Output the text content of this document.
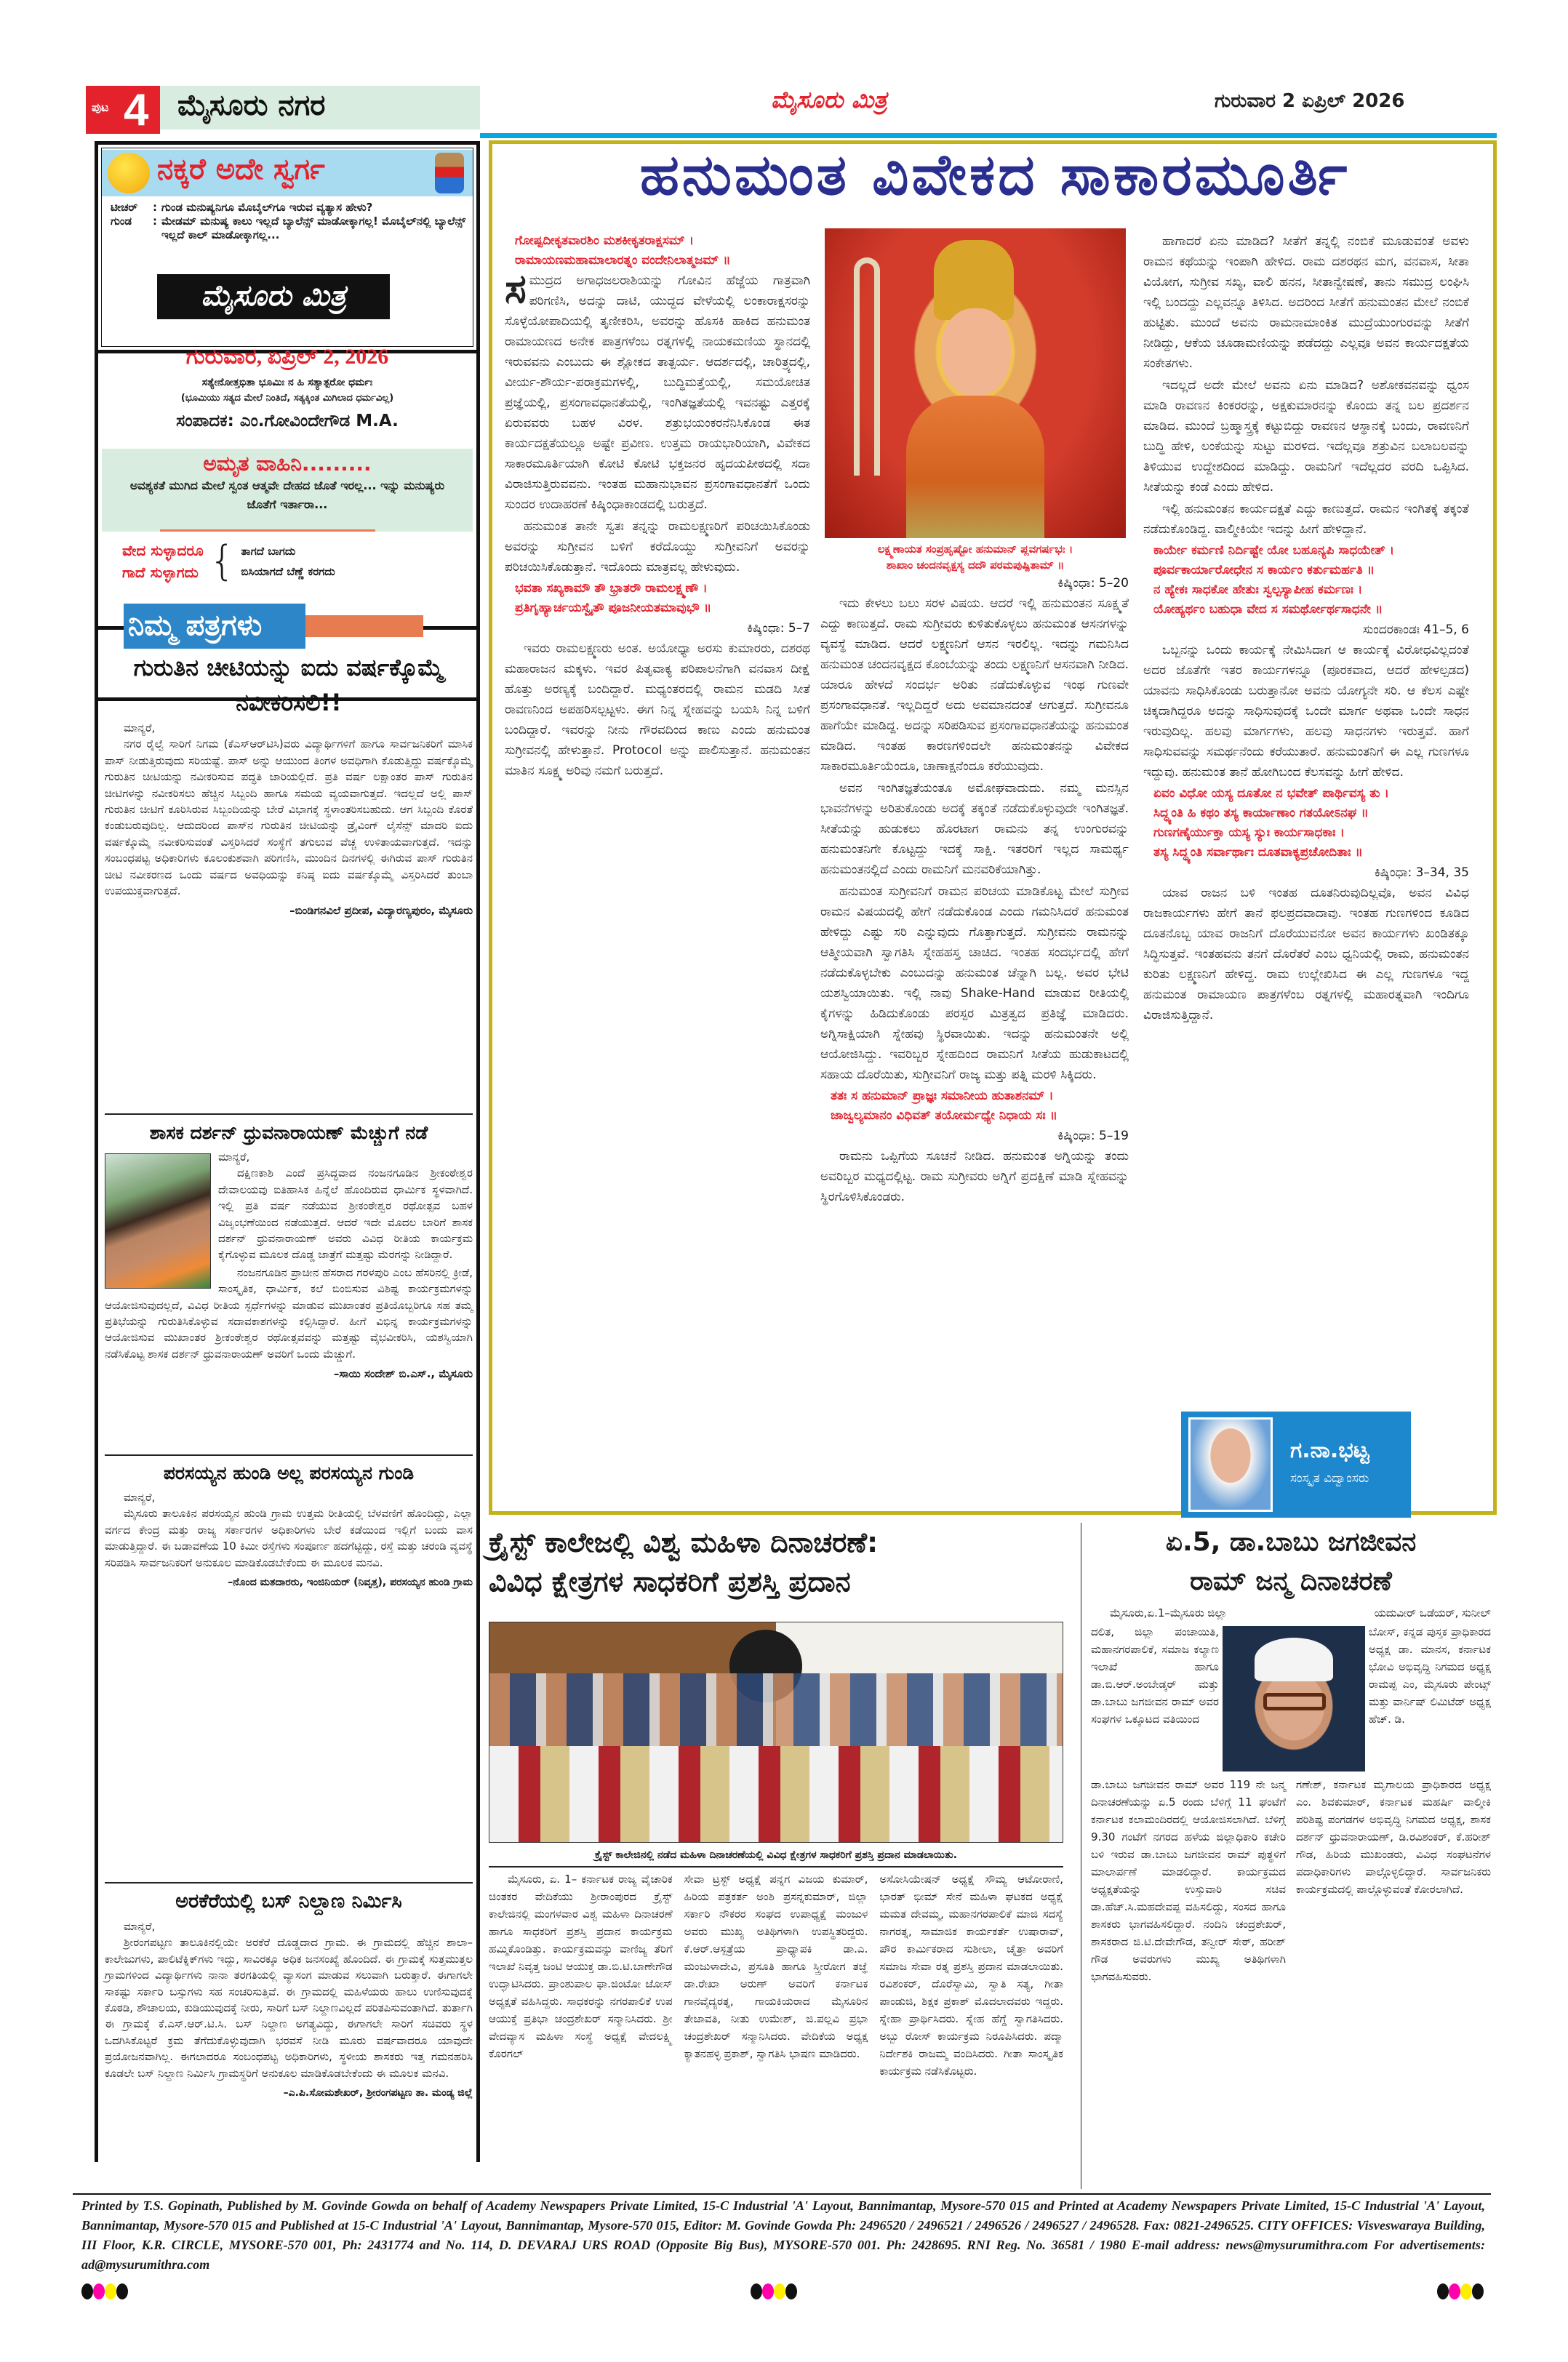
ಪುಟ 4 ಮೈಸೂರು ನಗರ	ಮೈಸೂರು ಮಿತ್ರ	ಗುರುವಾರ 2 ಏಪ್ರಿಲ್ 2026
ನಕ್ಕರೆ ಅದೇ ಸ್ವರ್ಗ
ಟೀಚರ್	: ಗುಂಡ ಮನುಷ್ಯನಿಗೂ ಮೊಬೈಲ್‌ಗೂ ಇರುವ ವ್ಯತ್ಯಾಸ ಹೇಳು?
ಗುಂಡ	: ಮೇಡಮ್ ಮನುಷ್ಯ ಕಾಲು ಇಲ್ಲದೆ ಬ್ಯಾಲೆನ್ಸ್ ಮಾಡೋಕ್ಕಾಗಲ್ಲ! ಮೊಬೈಲ್‌ನಲ್ಲಿ ಬ್ಯಾಲೆನ್ಸ್ ಇಲ್ಲದೆ ಕಾಲ್ ಮಾಡೋಕ್ಕಾಗಲ್ಲ...
ಮೈಸೂರು ಮಿತ್ರ
ಗುರುವಾರ, ಏಪ್ರಿಲ್ 2, 2026
ಸತ್ಯೇನೋತ್ತಭಿತಾ ಭೂಮಿಃ ನ ಹಿ ಸತ್ಯಾತ್ಪರೋ ಧರ್ಮಃ
(ಭೂಮಿಯು ಸತ್ಯದ ಮೇಲೆ ನಿಂತಿದೆ, ಸತ್ಯಕ್ಕಿಂತ ಮಿಗಿಲಾದ ಧರ್ಮವಿಲ್ಲ)
ಸಂಪಾದಕ: ಎಂ.ಗೋವಿಂದೇಗೌಡ M.A.
ಅಮೃತ ವಾಹಿನಿ.........
ಅವಶ್ಯಕತೆ ಮುಗಿದ ಮೇಲೆ ಸ್ವಂತ ಆತ್ಮವೇ ದೇಹದ ಜೊತೆ ಇರಲ್ಲ... ಇನ್ನು ಮನುಷ್ಯರು ಜೊತೆಗೆ ಇರ್ತಾರಾ...
ವೇದ ಸುಳ್ಳಾದರೂ
ಗಾದೆ ಸುಳ್ಳಾಗದು { ತಾಗದೆ ಬಾಗದು
ಬಿಸಿಯಾಗದೆ ಬೆಣ್ಣೆ ಕರಗದು
ನಿಮ್ಮ ಪತ್ರಗಳು
ಗುರುತಿನ ಚೀಟಿಯನ್ನು ಐದು ವರ್ಷಕ್ಕೊಮ್ಮೆ ನವೀಕರಿಸಲಿ!!
ಮಾನ್ಯರೆ,

ನಗರ ರೈಲ್ವೆ ಸಾರಿಗೆ ನಿಗಮ (ಕೆಎಸ್‌ಆರ್‌ಟಿಸಿ)ವರು ವಿದ್ಯಾರ್ಥಿಗಳಿಗೆ ಹಾಗೂ ಸಾರ್ವಜನಿಕರಿಗೆ ಮಾಸಿಕ ಪಾಸ್ ನೀಡುತ್ತಿರುವುದು ಸರಿಯಷ್ಟೆ. ಪಾಸ್ ಅನ್ನು ಆಯುಂದ ತಿಂಗಳ ಅವಧಿಗಾಗಿ ಕೊಡುತ್ತಿದ್ದು ವರ್ಷಕ್ಕೊಮ್ಮೆ ಗುರುತಿನ ಚೀಟಿಯನ್ನು ನವೀಕರಿಸುವ ಪದ್ಧತಿ ಜಾರಿಯಲ್ಲಿದೆ. ಪ್ರತಿ ವರ್ಷ ಲಕ್ಷಾಂತರ ಪಾಸ್ ಗುರುತಿನ ಚೀಟಿಗಳನ್ನು ನವೀಕರಿಸಲು ಹೆಚ್ಚಿನ ಸಿಬ್ಬಂದಿ ಹಾಗೂ ಸಮಯ ವ್ಯಯವಾಗುತ್ತದೆ. ಇದಲ್ಲದೆ ಅಲ್ಲಿ ಪಾಸ್ ಗುರುತಿನ ಚೀಟಿಗೆ ಕೂರಿಸಿರುವ ಸಿಬ್ಬಂದಿಯನ್ನು ಬೇರೆ ವಿಭಾಗಕ್ಕೆ ಸ್ಥಳಾಂತರಿಸಬಹುದು. ಆಗ ಸಿಬ್ಬಂದಿ ಕೊರತೆ ಕಂಡುಬರುವುದಿಲ್ಲ. ಆದುದರಿಂದ ಪಾಸ್‌ನ ಗುರುತಿನ ಚೀಟಿಯನ್ನು ಡ್ರೈವಿಂಗ್ ಲೈಸೆನ್ಸ್ ಮಾದರಿ ಐದು ವರ್ಷಕ್ಕೊಮ್ಮೆ ನವೀಕರಿಸುವಂತೆ ವಿಸ್ತರಿಸಿದರೆ ಸಂಸ್ಥೆಗೆ ತಗುಲುವ ವೆಚ್ಚ ಉಳಿತಾಯವಾಗುತ್ತದೆ. ಇದನ್ನು ಸಂಬಂಧಪಟ್ಟ ಅಧಿಕಾರಿಗಳು ಕೂಲಂಕುಶವಾಗಿ ಪರಿಗಣಿಸಿ, ಮುಂದಿನ ದಿನಗಳಲ್ಲಿ ಈಗಿರುವ ಪಾಸ್ ಗುರುತಿನ ಚೀಟಿ ನವೀಕರಣದ ಒಂದು ವರ್ಷದ ಅವಧಿಯನ್ನು ಕನಿಷ್ಠ ಐದು ವರ್ಷಕ್ಕೊಮ್ಮೆ ವಿಸ್ತರಿಸಿದರೆ ತುಂಬಾ ಉಪಯುಕ್ತವಾಗುತ್ತದೆ.

–ಬಿಂಡಿಗನವಿಲೆ ಪ್ರದೀಪ, ವಿದ್ಯಾರಣ್ಯಪುರಂ, ಮೈಸೂರು
ಶಾಸಕ ದರ್ಶನ್ ಧ್ರುವನಾರಾಯಣ್ ಮೆಚ್ಚುಗೆ ನಡೆ
ಮಾನ್ಯರೆ,

ದಕ್ಷಿಣಕಾಶಿ ಎಂದೆ ಪ್ರಸಿದ್ಧವಾದ ನಂಜನಗೂಡಿನ ಶ್ರೀಕಂಠೇಶ್ವರ ದೇವಾಲಯವು ಐತಿಹಾಸಿಕ ಹಿನ್ನೆಲೆ ಹೊಂದಿರುವ ಧಾರ್ಮಿಕ ಸ್ಥಳವಾಗಿದೆ. ಇಲ್ಲಿ ಪ್ರತಿ ವರ್ಷ ನಡೆಯುವ ಶ್ರೀಕಂಠೇಶ್ವರ ರಥೋತ್ಸವ ಬಹಳ ವಿಜೃಂಭಣೆಯಿಂದ ನಡೆಯುತ್ತದೆ. ಆದರೆ ಇದೇ ಮೊದಲ ಬಾರಿಗೆ ಶಾಸಕ ದರ್ಶನ್ ಧ್ರುವನಾರಾಯಣ್ ಅವರು ವಿವಿಧ ರೀತಿಯ ಕಾರ್ಯಕ್ರಮ ಕೈಗೊಳ್ಳುವ ಮೂಲಕ ದೊಡ್ಡ ಜಾತ್ರೆಗೆ ಮತ್ತಷ್ಟು ಮೆರಗನ್ನು ನೀಡಿದ್ದಾರೆ.

ನಂಜನಗೂಡಿನ ಪ್ರಾಚೀನ ಹೆಸರಾದ ಗರಳಪುರಿ ಎಂಬ ಹೆಸರಿನಲ್ಲಿ ಕ್ರೀಡೆ, ಸಾಂಸ್ಕೃತಿಕ, ಧಾರ್ಮಿಕ, ಕಲೆ ಬಿಂಬಿಸುವ ವಿಶಿಷ್ಟ ಕಾರ್ಯಕ್ರಮಗಳನ್ನು ಆಯೋಜಿಸುವುದಲ್ಲದೆ, ವಿವಿಧ ರೀತಿಯ ಸ್ಪರ್ಧೆಗಳನ್ನು ಮಾಡುವ ಮುಖಾಂತರ ಪ್ರತಿಯೊಬ್ಬರಿಗೂ ಸಹ ತಮ್ಮ ಪ್ರತಿಭೆಯನ್ನು ಗುರುತಿಸಿಕೊಳ್ಳುವ ಸದಾವಕಾಶಗಳನ್ನು ಕಲ್ಪಿಸಿದ್ದಾರೆ. ಹೀಗೆ ವಿಭಿನ್ನ ಕಾರ್ಯಕ್ರಮಗಳನ್ನು ಆಯೋಜಿಸುವ ಮುಖಾಂತರ ಶ್ರೀಕಂಠೇಶ್ವರ ರಥೋತ್ಸವವನ್ನು ಮತ್ತಷ್ಟು ವೈಭವೀಕರಿಸಿ, ಯಶಸ್ವಿಯಾಗಿ ನಡೆಸಿಕೊಟ್ಟ ಶಾಸಕ ದರ್ಶನ್ ಧ್ರುವನಾರಾಯಣ್ ಅವರಿಗೆ ಒಂದು ಮೆಚ್ಚುಗೆ.

–ಸಾಯಿ ಸಂದೇಶ್ ಬಿ.ಎಸ್., ಮೈಸೂರು
ಪರಸಯ್ಯನ ಹುಂಡಿ ಅಲ್ಲ ಪರಸಯ್ಯನ ಗುಂಡಿ
ಮಾನ್ಯರೆ,

ಮೈಸೂರು ತಾಲೂಕಿನ ಪರಸಯ್ಯನ ಹುಂಡಿ ಗ್ರಾಮ ಉತ್ತಮ ರೀತಿಯಲ್ಲಿ ಬೆಳವಣಿಗೆ ಹೊಂದಿದ್ದು, ಎಲ್ಲಾ ವರ್ಗದ ಕೇಂದ್ರ ಮತ್ತು ರಾಜ್ಯ ಸರ್ಕಾರಗಳ ಅಧಿಕಾರಿಗಳು ಬೇರೆ ಕಡೆಯಿಂದ ಇಲ್ಲಿಗೆ ಬಂದು ವಾಸ ಮಾಡುತ್ತಿದ್ದಾರೆ. ಈ ಬಡಾವಣೆಯ 10 ಕಿಮೀ ರಸ್ತೆಗಳು ಸಂಪೂರ್ಣ ಹದಗೆಟ್ಟಿದ್ದು, ರಸ್ತೆ ಮತ್ತು ಚರಂಡಿ ವ್ಯವಸ್ಥೆ ಸರಿಪಡಿಸಿ ಸಾರ್ವಜನಿಕರಿಗೆ ಅನುಕೂಲ ಮಾಡಿಕೊಡಬೇಕೆಂದು ಈ ಮೂಲಕ ಮನವಿ.

–ನೊಂದ ಮತದಾರರು, ಇಂಜಿನಿಯರ್ (ನಿವೃತ್ತ), ಪರಸಯ್ಯನ ಹುಂಡಿ ಗ್ರಾಮ
ಅರಕೆರೆಯಲ್ಲಿ ಬಸ್ ನಿಲ್ದಾಣ ನಿರ್ಮಿಸಿ
ಮಾನ್ಯರೆ,

ಶ್ರೀರಂಗಪಟ್ಟಣ ತಾಲೂಕಿನಲ್ಲಿಯೇ ಅರಕೆರೆ ದೊಡ್ಡದಾದ ಗ್ರಾಮ. ಈ ಗ್ರಾಮದಲ್ಲಿ ಹೆಚ್ಚಿನ ಶಾಲಾ– ಕಾಲೇಜುಗಳು, ಪಾಲಿಟೆಕ್ನಿಕ್‌ಗಳು ಇದ್ದು, ಸಾವಿರಕ್ಕೂ ಅಧಿಕ ಜನಸಂಖ್ಯೆ ಹೊಂದಿದೆ. ಈ ಗ್ರಾಮಕ್ಕೆ ಸುತ್ತಮುತ್ತಲ ಗ್ರಾಮಗಳಿಂದ ವಿದ್ಯಾರ್ಥಿಗಳು ನಾನಾ ತರಗತಿಯಲ್ಲಿ ವ್ಯಾಸಂಗ ಮಾಡುವ ಸಲುವಾಗಿ ಬರುತ್ತಾರೆ. ಈಗಾಗಲೇ ಸಾಕಷ್ಟು ಸರ್ಕಾರಿ ಬಸ್ಸುಗಳು ಸಹ ಸಂಚರಿಸುತ್ತಿವೆ. ಈ ಗ್ರಾಮದಲ್ಲಿ ಮಹಿಳೆಯರು ಹಾಲು ಉಣಿಸುವುದಕ್ಕೆ ಕೊಠಡಿ, ಶೌಚಾಲಯ, ಕುಡಿಯುವುದಕ್ಕೆ ನೀರು, ಸಾರಿಗೆ ಬಸ್ ನಿಲ್ದಾಣವಿಲ್ಲದೆ ಪರಿತಪಿಸುವಂತಾಗಿದೆ. ತುರ್ತಾಗಿ ಈ ಗ್ರಾಮಕ್ಕೆ ಕೆ.ಎಸ್.ಆರ್.ಟಿ.ಸಿ. ಬಸ್ ನಿಲ್ದಾಣ ಅಗತ್ಯವಿದ್ದು, ಈಗಾಗಲೇ ಸಾರಿಗೆ ಸಚಿವರು ಸ್ಥಳ ಒದಗಿಸಿಕೊಟ್ಟರೆ ಕ್ರಮ ತೆಗೆದುಕೊಳ್ಳುವುದಾಗಿ ಭರವಸೆ ನೀಡಿ ಮೂರು ವರ್ಷವಾದರೂ ಯಾವುದೇ ಪ್ರಯೋಜನವಾಗಿಲ್ಲ. ಈಗಲಾದರೂ ಸಂಬಂಧಪಟ್ಟ ಅಧಿಕಾರಿಗಳು, ಸ್ಥಳೀಯ ಶಾಸಕರು ಇತ್ತ ಗಮನಹರಿಸಿ ಕೂಡಲೇ ಬಸ್ ನಿಲ್ದಾಣ ನಿರ್ಮಿಸಿ ಗ್ರಾಮಸ್ಥರಿಗೆ ಅನುಕೂಲ ಮಾಡಿಕೊಡಬೇಕೆಂದು ಈ ಮೂಲಕ ಮನವಿ.

–ಎ.ಪಿ.ಸೋಮಶೇಖರ್, ಶ್ರೀರಂಗಪಟ್ಟಣ ತಾ. ಮಂಡ್ಯ ಜಿಲ್ಲೆ
ಹನುಮಂತ ವಿವೇಕದ ಸಾಕಾರಮೂರ್ತಿ
ಗೋಷ್ಪದೀಕೃತವಾರಶಿಂ ಮಶಕೀಕೃತರಾಕ್ಷಸಮ್ ।
ರಾಮಾಯಣಮಹಾಮಾಲಾರತ್ನಂ ವಂದೇನಿಲಾತ್ಮಜಮ್ ॥
ಸ ಮುದ್ರದ ಅಗಾಧಜಲರಾಶಿಯನ್ನು ಗೋವಿನ ಹೆಜ್ಜೆಯ ಗಾತ್ರವಾಗಿ ಪರಿಗಣಿಸಿ, ಅದನ್ನು ದಾಟಿ, ಯುದ್ಧದ ವೇಳೆಯಲ್ಲಿ ಲಂಕಾರಾಕ್ಷಸರನ್ನು ಸೊಳ್ಳೆಯೋಪಾದಿಯಲ್ಲಿ ತೃಣೀಕರಿಸಿ, ಅವರನ್ನು ಹೊಸಕಿ ಹಾಕಿದ ಹನುಮಂತ ರಾಮಾಯಣದ ಅನೇಕ ಪಾತ್ರಗಳೆಂಬ ರತ್ನಗಳಲ್ಲಿ ನಾಯಕಮಣಿಯ ಸ್ಥಾನದಲ್ಲಿ ಇರುವವನು ಎಂಬುದು ಈ ಶ್ಲೋಕದ ತಾತ್ಪರ್ಯ. ಆದರ್ಶದಲ್ಲಿ, ಚಾರಿತ್ರ್ಯದಲ್ಲಿ, ವೀರ್ಯ-ಶೌರ್ಯ-ಪರಾಕ್ರಮಗಳಲ್ಲಿ, ಬುದ್ಧಿಮತ್ತೆಯಲ್ಲಿ, ಸಮಯೋಚಿತ ಪ್ರಜ್ಞೆಯಲ್ಲಿ, ಪ್ರಸಂಗಾವಧಾನತೆಯಲ್ಲಿ, ಇಂಗಿತಜ್ಞತೆಯಲ್ಲಿ ಇವನಷ್ಟು ಎತ್ತರಕ್ಕೆ ಏರುವವರು ಬಹಳ ವಿರಳ. ಶತ್ರುಭಯಂಕರನೆನಿಸಿಕೊಂಡ ಈತ ಕಾರ್ಯದಕ್ಷತೆಯಲ್ಲೂ ಅಷ್ಟೇ ಪ್ರವೀಣ. ಉತ್ತಮ ರಾಯಭಾರಿಯಾಗಿ, ವಿವೇಕದ ಸಾಕಾರಮೂರ್ತಿಯಾಗಿ ಕೋಟಿ ಕೋಟಿ ಭಕ್ತಜನರ ಹೃದಯಪೀಠದಲ್ಲಿ ಸದಾ ವಿರಾಜಿಸುತ್ತಿರುವವನು. ಇಂತಹ ಮಹಾನುಭಾವನ ಪ್ರಸಂಗಾವಧಾನತೆಗೆ ಒಂದು ಸುಂದರ ಉದಾಹರಣೆ ಕಿಷ್ಕಿಂಧಾಕಾಂಡದಲ್ಲಿ ಬರುತ್ತದೆ.

ಹನುಮಂತ ತಾನೇ ಸ್ವತಃ ತನ್ನನ್ನು ರಾಮಲಕ್ಷ್ಮಣರಿಗೆ ಪರಿಚಯಿಸಿಕೊಂಡು ಅವರನ್ನು ಸುಗ್ರೀವನ ಬಳಿಗೆ ಕರೆದೊಯ್ದು ಸುಗ್ರೀವನಿಗೆ ಅವರನ್ನು ಪರಿಚಯಿಸಿಕೊಡುತ್ತಾನೆ. ಇದೊಂದು ಮಾತ್ರವಲ್ಲ ಹೇಳುವುದು.

ಭವತಾ ಸಖ್ಯಕಾಮೌ ತೌ ಭ್ರಾತರೌ ರಾಮಲಕ್ಷ್ಮಣೌ ।
ಪ್ರತಿಗೃಹ್ಯಾರ್ಚಯಸ್ವೈತೌ ಪೂಜನೀಯತಮಾವುಭೌ ॥
ಕಿಷ್ಕಿಂಧಾ: 5–7

ಇವರು ರಾಮಲಕ್ಷ್ಮಣರು ಅಂತ. ಅಯೋಧ್ಯಾ ಅರಸು ಕುಮಾರರು, ದಶರಥ ಮಹಾರಾಜನ ಮಕ್ಕಳು. ಇವರ ಪಿತೃವಾಕ್ಯ ಪರಿಪಾಲನೆಗಾಗಿ ವನವಾಸ ದೀಕ್ಷೆ ಹೊತ್ತು ಅರಣ್ಯಕ್ಕೆ ಬಂದಿದ್ದಾರೆ. ಮಧ್ಯಂತರದಲ್ಲಿ ರಾಮನ ಮಡದಿ ಸೀತೆ ರಾವಣನಿಂದ ಅಪಹರಿಸಲ್ಪಟ್ಟಳು. ಈಗ ನಿನ್ನ ಸ್ನೇಹವನ್ನು ಬಯಸಿ ನಿನ್ನ ಬಳಿಗೆ ಬಂದಿದ್ದಾರೆ. ಇವರನ್ನು ನೀನು ಗೌರವದಿಂದ ಕಾಣು ಎಂದು ಹನುಮಂತ ಸುಗ್ರೀವನಲ್ಲಿ ಹೇಳುತ್ತಾನೆ. Protocol ಅನ್ನು ಪಾಲಿಸುತ್ತಾನೆ. ಹನುಮಂತನ ಮಾತಿನ ಸೂಕ್ಷ್ಮ ಅರಿವು ನಮಗೆ ಬರುತ್ತದೆ.

ಲಕ್ಷ್ಮಣಾಯತ ಸಂಪ್ರಹೃಷ್ಟೋ ಹನುಮಾನ್ ಪ್ಲವಗರ್ಷಭಃ ।
ಶಾಖಾಂ ಚಂದನವೃಕ್ಷಸ್ಯ ದದೌ ಪರಮಪುಷ್ಪಿತಾಮ್ ॥
ಕಿಷ್ಕಿಂಧಾ: 5–20

ಇದು ಕೇಳಲು ಬಲು ಸರಳ ವಿಷಯ. ಆದರೆ ಇಲ್ಲಿ ಹನುಮಂತನ ಸೂಕ್ಷ್ಮತೆ ಎದ್ದು ಕಾಣುತ್ತದೆ. ರಾಮ ಸುಗ್ರೀವರು ಕುಳಿತುಕೊಳ್ಳಲು ಹನುಮಂತ ಆಸನಗಳನ್ನು ವ್ಯವಸ್ಥೆ ಮಾಡಿದ. ಆದರೆ ಲಕ್ಷ್ಮಣನಿಗೆ ಆಸನ ಇರಲಿಲ್ಲ. ಇದನ್ನು ಗಮನಿಸಿದ ಹನುಮಂತ ಚಂದನವೃಕ್ಷದ ಕೊಂಬೆಯನ್ನು ತಂದು ಲಕ್ಷ್ಮಣನಿಗೆ ಆಸನವಾಗಿ ನೀಡಿದ. ಯಾರೂ ಹೇಳದೆ ಸಂದರ್ಭ ಅರಿತು ನಡೆದುಕೊಳ್ಳುವ ಇಂಥ ಗುಣವೇ ಪ್ರಸಂಗಾವಧಾನತೆ. ಇಲ್ಲದಿದ್ದರೆ ಅದು ಅವಮಾನದಂತೆ ಆಗುತ್ತದೆ. ಸುಗ್ರೀವನೂ ಹಾಗೆಯೇ ಮಾಡಿದ್ದ. ಅದನ್ನು ಸರಿಪಡಿಸುವ ಪ್ರಸಂಗಾವಧಾನತೆಯನ್ನು ಹನುಮಂತ ಮಾಡಿದ. ಇಂತಹ ಕಾರಣಗಳಿಂದಲೇ ಹನುಮಂತನನ್ನು ವಿವೇಕದ ಸಾಕಾರಮೂರ್ತಿಯೆಂದೂ, ಚಾಣಾಕ್ಷನೆಂದೂ ಕರೆಯುವುದು.

ಅವನ ಇಂಗಿತಜ್ಞತೆಯಂತೂ ಅಮೋಘವಾದುದು. ನಮ್ಮ ಮನಸ್ಸಿನ ಭಾವನೆಗಳನ್ನು ಅರಿತುಕೊಂಡು ಅದಕ್ಕೆ ತಕ್ಕಂತೆ ನಡೆದುಕೊಳ್ಳುವುದೇ ಇಂಗಿತಜ್ಞತೆ. ಸೀತೆಯನ್ನು ಹುಡುಕಲು ಹೊರಟಾಗ ರಾಮನು ತನ್ನ ಉಂಗುರವನ್ನು ಹನುಮಂತನಿಗೇ ಕೊಟ್ಟದ್ದು ಇದಕ್ಕೆ ಸಾಕ್ಷಿ. ಇತರರಿಗೆ ಇಲ್ಲದ ಸಾಮರ್ಥ್ಯ ಹನುಮಂತನಲ್ಲಿದೆ ಎಂದು ರಾಮನಿಗೆ ಮನವರಿಕೆಯಾಗಿತ್ತು.

ಹನುಮಂತ ಸುಗ್ರೀವನಿಗೆ ರಾಮನ ಪರಿಚಯ ಮಾಡಿಕೊಟ್ಟ ಮೇಲೆ ಸುಗ್ರೀವ ರಾಮನ ವಿಷಯದಲ್ಲಿ ಹೇಗೆ ನಡೆದುಕೊಂಡ ಎಂದು ಗಮನಿಸಿದರೆ ಹನುಮಂತ ಹೇಳಿದ್ದು ಎಷ್ಟು ಸರಿ ಎನ್ನುವುದು ಗೊತ್ತಾಗುತ್ತದೆ. ಸುಗ್ರೀವನು ರಾಮನನ್ನು ಆತ್ಮೀಯವಾಗಿ ಸ್ವಾಗತಿಸಿ ಸ್ನೇಹಹಸ್ತ ಚಾಚಿದ. ಇಂತಹ ಸಂದರ್ಭದಲ್ಲಿ ಹೇಗೆ ನಡೆದುಕೊಳ್ಳಬೇಕು ಎಂಬುದನ್ನು ಹನುಮಂತ ಚೆನ್ನಾಗಿ ಬಲ್ಲ. ಅವರ ಭೇಟಿ ಯಶಸ್ವಿಯಾಯಿತು. ಇಲ್ಲಿ ನಾವು Shake-Hand ಮಾಡುವ ರೀತಿಯಲ್ಲಿ ಕೈಗಳನ್ನು ಹಿಡಿದುಕೊಂಡು ಪರಸ್ಪರ ಮಿತ್ರತ್ವದ ಪ್ರತಿಜ್ಞೆ ಮಾಡಿದರು. ಅಗ್ನಿಸಾಕ್ಷಿಯಾಗಿ ಸ್ನೇಹವು ಸ್ಥಿರವಾಯಿತು. ಇದನ್ನು ಹನುಮಂತನೇ ಅಲ್ಲಿ ಆಯೋಜಿಸಿದ್ದು. ಇವರಿಬ್ಬರ ಸ್ನೇಹದಿಂದ ರಾಮನಿಗೆ ಸೀತೆಯ ಹುಡುಕಾಟದಲ್ಲಿ ಸಹಾಯ ದೊರೆಯಿತು, ಸುಗ್ರೀವನಿಗೆ ರಾಜ್ಯ ಮತ್ತು ಪತ್ನಿ ಮರಳಿ ಸಿಕ್ಕಿದರು.

ತತಃ ಸ ಹನುಮಾನ್ ಪ್ರಾಜ್ಞಃ ಸಮಾನೀಯ ಹುತಾಶನಮ್ ।
ಜಾಜ್ವಲ್ಯಮಾನಂ ವಿಧಿವತ್ ತಯೋರ್ಮಧ್ಯೇ ನಿಧಾಯ ಸಃ ॥
ಕಿಷ್ಕಿಂಧಾ: 5–19

ರಾಮನು ಒಪ್ಪಿಗೆಯ ಸೂಚನೆ ನೀಡಿದ. ಹನುಮಂತ ಅಗ್ನಿಯನ್ನು ತಂದು ಅವರಿಬ್ಬರ ಮಧ್ಯದಲ್ಲಿಟ್ಟ. ರಾಮ ಸುಗ್ರೀವರು ಅಗ್ನಿಗೆ ಪ್ರದಕ್ಷಿಣೆ ಮಾಡಿ ಸ್ನೇಹವನ್ನು ಸ್ಥಿರಗೊಳಿಸಿಕೊಂಡರು.

ಹಾಗಾದರೆ ಏನು ಮಾಡಿದ? ಸೀತೆಗೆ ತನ್ನಲ್ಲಿ ನಂಬಿಕೆ ಮೂಡುವಂತೆ ಅವಳು ರಾಮನ ಕಥೆಯನ್ನು ಇಂಪಾಗಿ ಹೇಳಿದ. ರಾಮ ದಶರಥನ ಮಗ, ವನವಾಸ, ಸೀತಾ ವಿಯೋಗ, ಸುಗ್ರೀವ ಸಖ್ಯ, ವಾಲಿ ಹನನ, ಸೀತಾನ್ವೇಷಣೆ, ತಾನು ಸಮುದ್ರ ಲಂಘಿಸಿ ಇಲ್ಲಿ ಬಂದದ್ದು ಎಲ್ಲವನ್ನೂ ತಿಳಿಸಿದ. ಅದರಿಂದ ಸೀತೆಗೆ ಹನುಮಂತನ ಮೇಲೆ ನಂಬಿಕೆ ಹುಟ್ಟಿತು. ಮುಂದೆ ಅವನು ರಾಮನಾಮಾಂಕಿತ ಮುದ್ರೆಯುಂಗುರವನ್ನು ಸೀತೆಗೆ ನೀಡಿದ್ದು, ಆಕೆಯ ಚೂಡಾಮಣಿಯನ್ನು ಪಡೆದದ್ದು ಎಲ್ಲವೂ ಅವನ ಕಾರ್ಯದಕ್ಷತೆಯ ಸಂಕೇತಗಳು.

ಇದಲ್ಲದೆ ಅದೇ ಮೇಲೆ ಅವನು ಏನು ಮಾಡಿದ? ಅಶೋಕವನವನ್ನು ಧ್ವಂಸ ಮಾಡಿ ರಾವಣನ ಕಿಂಕರರನ್ನು, ಅಕ್ಷಕುಮಾರನನ್ನು ಕೊಂದು ತನ್ನ ಬಲ ಪ್ರದರ್ಶನ ಮಾಡಿದ. ಮುಂದೆ ಬ್ರಹ್ಮಾಸ್ತ್ರಕ್ಕೆ ಕಟ್ಟುಬಿದ್ದು ರಾವಣನ ಆಸ್ಥಾನಕ್ಕೆ ಬಂದು, ರಾವಣನಿಗೆ ಬುದ್ಧಿ ಹೇಳಿ, ಲಂಕೆಯನ್ನು ಸುಟ್ಟು ಮರಳಿದ. ಇದೆಲ್ಲವೂ ಶತ್ರುವಿನ ಬಲಾಬಲವನ್ನು ತಿಳಿಯುವ ಉದ್ದೇಶದಿಂದ ಮಾಡಿದ್ದು. ರಾಮನಿಗೆ ಇದೆಲ್ಲದರ ವರದಿ ಒಪ್ಪಿಸಿದ. ಸೀತೆಯನ್ನು ಕಂಡೆ ಎಂದು ಹೇಳಿದ.

ಇಲ್ಲಿ ಹನುಮಂತನ ಕಾರ್ಯದಕ್ಷತೆ ಎದ್ದು ಕಾಣುತ್ತದೆ. ರಾಮನ ಇಂಗಿತಕ್ಕೆ ತಕ್ಕಂತೆ ನಡೆದುಕೊಂಡಿದ್ದ. ವಾಲ್ಮೀಕಿಯೇ ಇದನ್ನು ಹೀಗೆ ಹೇಳಿದ್ದಾನೆ.

ಕಾರ್ಯೇ ಕರ್ಮಣಿ ನಿರ್ದಿಷ್ಟೇ ಯೋ ಬಹೂನ್ಯಪಿ ಸಾಧಯೇತ್ ।
ಪೂರ್ವಕಾರ್ಯಾರೋಧೇನ ಸ ಕಾರ್ಯಂ ಕರ್ತುಮರ್ಹತಿ ॥
ನ ಹ್ಯೇಕಃ ಸಾಧಕೋ ಹೇತುಃ ಸ್ವಲ್ಪಸ್ಯಾಪೀಹ ಕರ್ಮಣಃ ।
ಯೋಹ್ಯರ್ಥಂ ಬಹುಧಾ ವೇದ ಸ ಸಮರ್ಥೋರ್ಥಸಾಧನೇ ॥
ಸುಂದರಕಾಂಡಃ 41–5, 6

ಒಬ್ಬನನ್ನು ಒಂದು ಕಾರ್ಯಕ್ಕೆ ನೇಮಿಸಿದಾಗ ಆ ಕಾರ್ಯಕ್ಕೆ ವಿರೋಧವಿಲ್ಲದಂತೆ ಅದರ ಜೊತೆಗೇ ಇತರ ಕಾರ್ಯಗಳನ್ನೂ (ಪೂರಕವಾದ, ಆದರೆ ಹೇಳಲ್ಪಡದ) ಯಾವನು ಸಾಧಿಸಿಕೊಂಡು ಬರುತ್ತಾನೋ ಅವನು ಯೋಗ್ಯನೇ ಸರಿ. ಆ ಕೆಲಸ ಎಷ್ಟೇ ಚಿಕ್ಕದಾಗಿದ್ದರೂ ಅದನ್ನು ಸಾಧಿಸುವುದಕ್ಕೆ ಒಂದೇ ಮಾರ್ಗ ಅಥವಾ ಒಂದೇ ಸಾಧನ ಇರುವುದಿಲ್ಲ. ಹಲವು ಮಾರ್ಗಗಳು, ಹಲವು ಸಾಧನಗಳು ಇರುತ್ತವೆ. ಹಾಗೆ ಸಾಧಿಸುವವನ್ನು ಸಮರ್ಥನೆಂದು ಕರೆಯುತಾರೆ. ಹನುಮಂತನಿಗೆ ಈ ಎಲ್ಲ ಗುಣಗಳೂ ಇದ್ದುವು. ಹನುಮಂತ ತಾನೆ ಹೋಗಿಬಂದ ಕೆಲಸವನ್ನು ಹೀಗೆ ಹೇಳಿದ.

ಏವಂ ವಿಧೋ ಯಸ್ಯ ದೂತೋ ನ ಭವೇತ್ ಪಾರ್ಥಿವಸ್ಯ ತು ।
ಸಿದ್ಧ್ಯಂತಿ ಹಿ ಕಥಂ ತಸ್ಯ ಕಾರ್ಯಾಣಾಂ ಗತಯೋಽನಘ ॥
ಗುಣಗಣೈರ್ಯುಕ್ತಾ ಯಸ್ಯ ಸ್ಯುಃ ಕಾರ್ಯಸಾಧಕಾಃ ।
ತಸ್ಯ ಸಿದ್ಧ್ಯಂತಿ ಸರ್ವಾರ್ಥಾಃ ದೂತವಾಕ್ಯಪ್ರಚೋದಿತಾಃ ॥
ಕಿಷ್ಕಿಂಧಾ: 3–34, 35

ಯಾವ ರಾಜನ ಬಳಿ ಇಂತಹ ದೂತನಿರುವುದಿಲ್ಲವೊ, ಅವನ ವಿವಿಧ ರಾಜಕಾರ್ಯಗಳು ಹೇಗೆ ತಾನೆ ಫಲಪ್ರದವಾದಾವು. ಇಂತಹ ಗುಣಗಳಿಂದ ಕೂಡಿದ ದೂತನೊಬ್ಬ ಯಾವ ರಾಜನಿಗೆ ದೊರೆಯುವನೋ ಅವನ ಕಾರ್ಯಗಳು ಖಂಡಿತಕ್ಕೂ ಸಿದ್ಧಿಸುತ್ತವೆ. ಇಂತಹವನು ತನಗೆ ದೊರೆತರೆ ಎಂಬ ಧ್ವನಿಯಲ್ಲಿ ರಾಮ, ಹನುಮಂತನ ಕುರಿತು ಲಕ್ಷ್ಮಣನಿಗೆ ಹೇಳಿದ್ದ. ರಾಮ ಉಲ್ಲೇಖಿಸಿದ ಈ ಎಲ್ಲ ಗುಣಗಳೂ ಇದ್ದ ಹನುಮಂತ ರಾಮಾಯಣ ಪಾತ್ರಗಳೆಂಬ ರತ್ನಗಳಲ್ಲಿ ಮಹಾರತ್ನವಾಗಿ ಇಂದಿಗೂ ವಿರಾಜಿಸುತ್ತಿದ್ದಾನೆ.

ಗ.ನಾ.ಭಟ್ಟ
ಸಂಸ್ಕೃತ ವಿದ್ವಾಂಸರು
ಕ್ರೈಸ್ಟ್ ಕಾಲೇಜಲ್ಲಿ ವಿಶ್ವ ಮಹಿಳಾ ದಿನಾಚರಣೆ:
ವಿವಿಧ ಕ್ಷೇತ್ರಗಳ ಸಾಧಕರಿಗೆ ಪ್ರಶಸ್ತಿ ಪ್ರದಾನ
ಕ್ರೈಸ್ಟ್ ಕಾಲೇಜಿನಲ್ಲಿ ನಡೆದ ಮಹಿಳಾ ದಿನಾಚರಣೆಯಲ್ಲಿ ವಿವಿಧ ಕ್ಷೇತ್ರಗಳ ಸಾಧಕರಿಗೆ ಪ್ರಶಸ್ತಿ ಪ್ರದಾನ ಮಾಡಲಾಯಿತು.

ಮೈಸೂರು, ಏ. 1– ಕರ್ನಾಟಕ ರಾಜ್ಯ ವೈಚಾರಿಕ ಚಿಂತಕರ ವೇದಿಕೆಯು ಶ್ರೀರಾಂಪುರದ ಕ್ರೈಸ್ಟ್ ಕಾಲೇಜಿನಲ್ಲಿ ಮಂಗಳವಾರ ವಿಶ್ವ ಮಹಿಳಾ ದಿನಾಚರಣೆ ಹಾಗೂ ಸಾಧಕರಿಗೆ ಪ್ರಶಸ್ತಿ ಪ್ರದಾನ ಕಾರ್ಯಕ್ರಮ ಹಮ್ಮಿಕೊಂಡಿತ್ತು. ಕಾರ್ಯಕ್ರಮವನ್ನು ವಾಣಿಜ್ಯ ತೆರಿಗೆ ಇಲಾಖೆ ನಿವೃತ್ತ ಜಂಟಿ ಆಯುಕ್ತ ಡಾ.ಬಿ.ಟಿ.ಬಾಣೇಗೌಡ ಉದ್ಘಾಟಿಸಿದರು. ಪ್ರಾಂಶುಪಾಲ ಫಾ.ಜಿಂಟೋ ಜೋಸ್ ಅಧ್ಯಕ್ಷತೆ ವಹಿಸಿದ್ದರು. ಸಾಧಕರನ್ನು ನಗರಪಾಲಿಕೆ ಉಪ ಆಯುಕ್ತೆ ಪ್ರತಿಭಾ ಚಂದ್ರಶೇಖರ್ ಸನ್ಮಾನಿಸಿದರು. ಶ್ರೀ ವೇದವ್ಯಾಸ ಮಹಿಳಾ ಸಂಸ್ಥೆ ಅಧ್ಯಕ್ಷೆ ವೇದಲಕ್ಷ್ಮಿ ಕೊರಗಲ್

ಸೇವಾ ಟ್ರಸ್ಟ್ ಅಧ್ಯಕ್ಷೆ ಪನ್ನಗ ವಿಜಯ ಕುಮಾರ್, ಹಿರಿಯ ಪತ್ರಕರ್ತ ಅಂಶಿ ಪ್ರಸನ್ನಕುಮಾರ್, ಜಿಲ್ಲಾ ಸರ್ಕಾರಿ ನೌಕರರ ಸಂಘದ ಉಪಾಧ್ಯಕ್ಷೆ ಮಂಜುಳ ಅವರು ಮುಖ್ಯ ಅತಿಥಿಗಳಾಗಿ ಉಪಸ್ಥಿತರಿದ್ದರು. ಕೆ.ಆರ್.ಆಸ್ಪತ್ರೆಯ ಪ್ರಾಧ್ಯಾಪಕಿ ಡಾ.ಎ. ಮಂಜುಳಾದೇವಿ, ಪ್ರಸೂತಿ ಹಾಗೂ ಸ್ತ್ರೀರೋಗ ತಜ್ಞೆ ಡಾ.ರೇಖಾ ಅರುಣ್ ಅವರಿಗೆ ಕರ್ನಾಟಕ ಗಾನವೈದ್ಯರತ್ನ, ಗಾಯಕಿಯರಾದ ಮೈಸೂರಿನ ತೇಜಾವತಿ, ನೀತು ಉಮೇಶ್, ಜಿ.ಪಲ್ಲವಿ ಪ್ರಭಾ ಚಂದ್ರಶೇಖರ್ ಸನ್ಮಾನಿಸಿದರು. ವೇದಿಕೆಯ ಅಧ್ಯಕ್ಷ ಕ್ಯಾತನಹಳ್ಳಿ ಪ್ರಕಾಶ್, ಸ್ವಾಗತಿಸಿ ಭಾಷಣ ಮಾಡಿದರು.

ಅಸೋಸಿಯೇಷನ್ ಅಧ್ಯಕ್ಷೆ ಸೌಮ್ಯ ಆಟೋರಾಣಿ, ಭಾರತ್ ಭೀಮ್ ಸೇನೆ ಮಹಿಳಾ ಘಟಕದ ಅಧ್ಯಕ್ಷೆ ಮಮತ ದೇವಮ್ಮ, ಮಹಾನಗರಪಾಲಿಕೆ ಮಾಜಿ ಸದಸ್ಯೆ ನಾಗರತ್ನ, ಸಾಮಾಜಿಕ ಕಾರ್ಯಕರ್ತೆ ಉಷಾರಾವ್, ಪೌರ ಕಾರ್ಮಿಕರಾದ ಸುಶೀಲಾ, ಚೈತ್ರಾ ಅವರಿಗೆ ಸಮಾಜ ಸೇವಾ ರತ್ನ ಪ್ರಶಸ್ತಿ ಪ್ರದಾನ ಮಾಡಲಾಯಿತು. ರವಿಶಂಕರ್, ದೊರೆಸ್ವಾಮಿ, ಸ್ವಾತಿ ಸತ್ಯ, ಗೀತಾ ಪಾಂಡುಜಿ, ಶಿಕ್ಷಕ ಪ್ರಕಾಶ್ ಮೊದಲಾದವರು ಇದ್ದರು. ಸ್ನೇಹಾ ಪ್ರಾರ್ಥಿಸಿದರು. ಸ್ನೇಹ ಹೆಗ್ಡೆ ಸ್ವಾಗತಿಸಿದರು. ಅಬ್ಬು ರೋಸ್ ಕಾರ್ಯಕ್ರಮ ನಿರೂಪಿಸಿದರು. ಪದ್ಮಾ ನಿರ್ದೇಶಕಿ ರಾಜಮ್ಮ ವಂದಿಸಿದರು. ಗೀತಾ ಸಾಂಸ್ಕೃತಿಕ ಕಾರ್ಯಕ್ರಮ ನಡೆಸಿಕೊಟ್ಟರು.

ಏ.5, ಡಾ.ಬಾಬು ಜಗಜೀವನ
ರಾಮ್ ಜನ್ಮ ದಿನಾಚರಣೆ
ಮೈಸೂರು,ಏ.1–ಮೈಸೂರು ಜಿಲ್ಲಾ	ಯದುವೀರ್ ಒಡೆಯರ್, ಸುನೀಲ್

ದಲಿತ, ಜಿಲ್ಲಾ ಪಂಚಾಯಿತಿ, ಮಹಾನಗರಪಾಲಿಕೆ, ಸಮಾಜ ಕಲ್ಯಾಣ ಇಲಾಖೆ ಹಾಗೂ ಡಾ.ಬಿ.ಆರ್.ಅಂಬೇಡ್ಕರ್ ಮತ್ತು ಡಾ.ಬಾಬು ಜಗಜೀವನ ರಾಮ್ ಅವರ ಸಂಘಗಳ ಒಕ್ಕೂಟದ ವತಿಯಿಂದ

ಬೋಸ್, ಕನ್ನಡ ಪುಸ್ತಕ ಪ್ರಾಧಿಕಾರದ ಅಧ್ಯಕ್ಷ ಡಾ. ಮಾನಸ, ಕರ್ನಾಟಕ ಭೋವಿ ಅಭಿವೃದ್ಧಿ ನಿಗಮದ ಅಧ್ಯಕ್ಷ ರಾಮಪ್ಪ ಎಂ, ಮೈಸೂರು ಪೇಂಟ್ಸ್ ಮತ್ತು ವಾರ್ನಿಷ್ ಲಿಮಿಟೆಡ್ ಅಧ್ಯಕ್ಷ ಹೆಚ್. ಡಿ.

ಡಾ.ಬಾಬು ಜಗಜೀವನ ರಾಮ್ ಅವರ 119 ನೇ ಜನ್ಮ ದಿನಾಚರಣೆಯನ್ನು ಏ.5 ರಂದು ಬೆಳಿಗ್ಗೆ 11 ಘಂಟೆಗೆ ಕರ್ನಾಟಕ ಕಲಾಮಂದಿರದಲ್ಲಿ ಆಯೋಜಿಸಲಾಗಿದೆ. ಬೆಳಿಗ್ಗೆ 9.30 ಗಂಟೆಗೆ ನಗರದ ಹಳೆಯ ಜಿಲ್ಲಾಧಿಕಾರಿ ಕಚೇರಿ ಬಳಿ ಇರುವ ಡಾ.ಬಾಬು ಜಗಜೀವನ ರಾಮ್ ಪುತ್ಥಳಿಗೆ ಮಾಲಾರ್ಪಣೆ ಮಾಡಲಿದ್ದಾರೆ. ಕಾರ್ಯಕ್ರಮದ ಅಧ್ಯಕ್ಷತೆಯನ್ನು ಉಸ್ತುವಾರಿ ಸಚಿವ ಡಾ.ಹೆಚ್.ಸಿ.ಮಹದೇವಪ್ಪ ವಹಿಸಲಿದ್ದು, ಸಂಸದ ಹಾಗೂ ಶಾಸಕರು ಭಾಗವಹಿಸಲಿದ್ದಾರೆ. ನಂದಿನಿ ಚಂದ್ರಶೇಖರ್, ಶಾಸಕರಾದ ಜಿ.ಟಿ.ದೇವೇಗೌಡ, ತನ್ವೀರ್ ಸೇಠ್, ಹರೀಶ್ ಗೌಡ ಅವರುಗಳು ಮುಖ್ಯ ಅತಿಥಿಗಳಾಗಿ ಭಾಗವಹಿಸುವರು.

ಗಣೇಶ್, ಕರ್ನಾಟಕ ಮೃಗಾಲಯ ಪ್ರಾಧಿಕಾರದ ಅಧ್ಯಕ್ಷ ಎಂ. ಶಿವಕುಮಾರ್, ಕರ್ನಾಟಕ ಮಹರ್ಷಿ ವಾಲ್ಮೀಕಿ ಪರಿಶಿಷ್ಟ ಪಂಗಡಗಳ ಅಭಿವೃದ್ಧಿ ನಿಗಮದ ಅಧ್ಯಕ್ಷ, ಶಾಸಕ ದರ್ಶನ್ ಧ್ರುವನಾರಾಯಣ್, ಡಿ.ರವಿಶಂಕರ್, ಕೆ.ಹರೀಶ್ ಗೌಡ, ಹಿರಿಯ ಮುಖಂಡರು, ವಿವಿಧ ಸಂಘಟನೆಗಳ ಪದಾಧಿಕಾರಿಗಳು ಪಾಲ್ಗೊಳ್ಳಲಿದ್ದಾರೆ. ಸಾರ್ವಜನಿಕರು ಕಾರ್ಯಕ್ರಮದಲ್ಲಿ ಪಾಲ್ಗೊಳ್ಳುವಂತೆ ಕೋರಲಾಗಿದೆ.

Printed by T.S. Gopinath, Published by M. Govinde Gowda on behalf of Academy Newspapers Private Limited, 15-C Industrial 'A' Layout, Bannimantap, Mysore-570 015 and Printed at Academy Newspapers Private Limited, 15-C Industrial 'A' Layout, Bannimantap, Mysore-570 015 and Published at 15-C Industrial 'A' Layout, Bannimantap, Mysore-570 015, Editor: M. Govinde Gowda Ph: 2496520 / 2496521 / 2496526 / 2496527 / 2496528. Fax: 0821-2496525. CITY OFFICES: Visveswaraya Building, III Floor, K.R. CIRCLE, MYSORE-570 001, Ph: 2431774 and No. 114, D. DEVARAJ URS ROAD (Opposite Big Bus), MYSORE-570 001. Ph: 2428695. RNI Reg. No. 36581 / 1980 E-mail address: news@mysurumithra.com For advertisements: ad@mysurumithra.com
